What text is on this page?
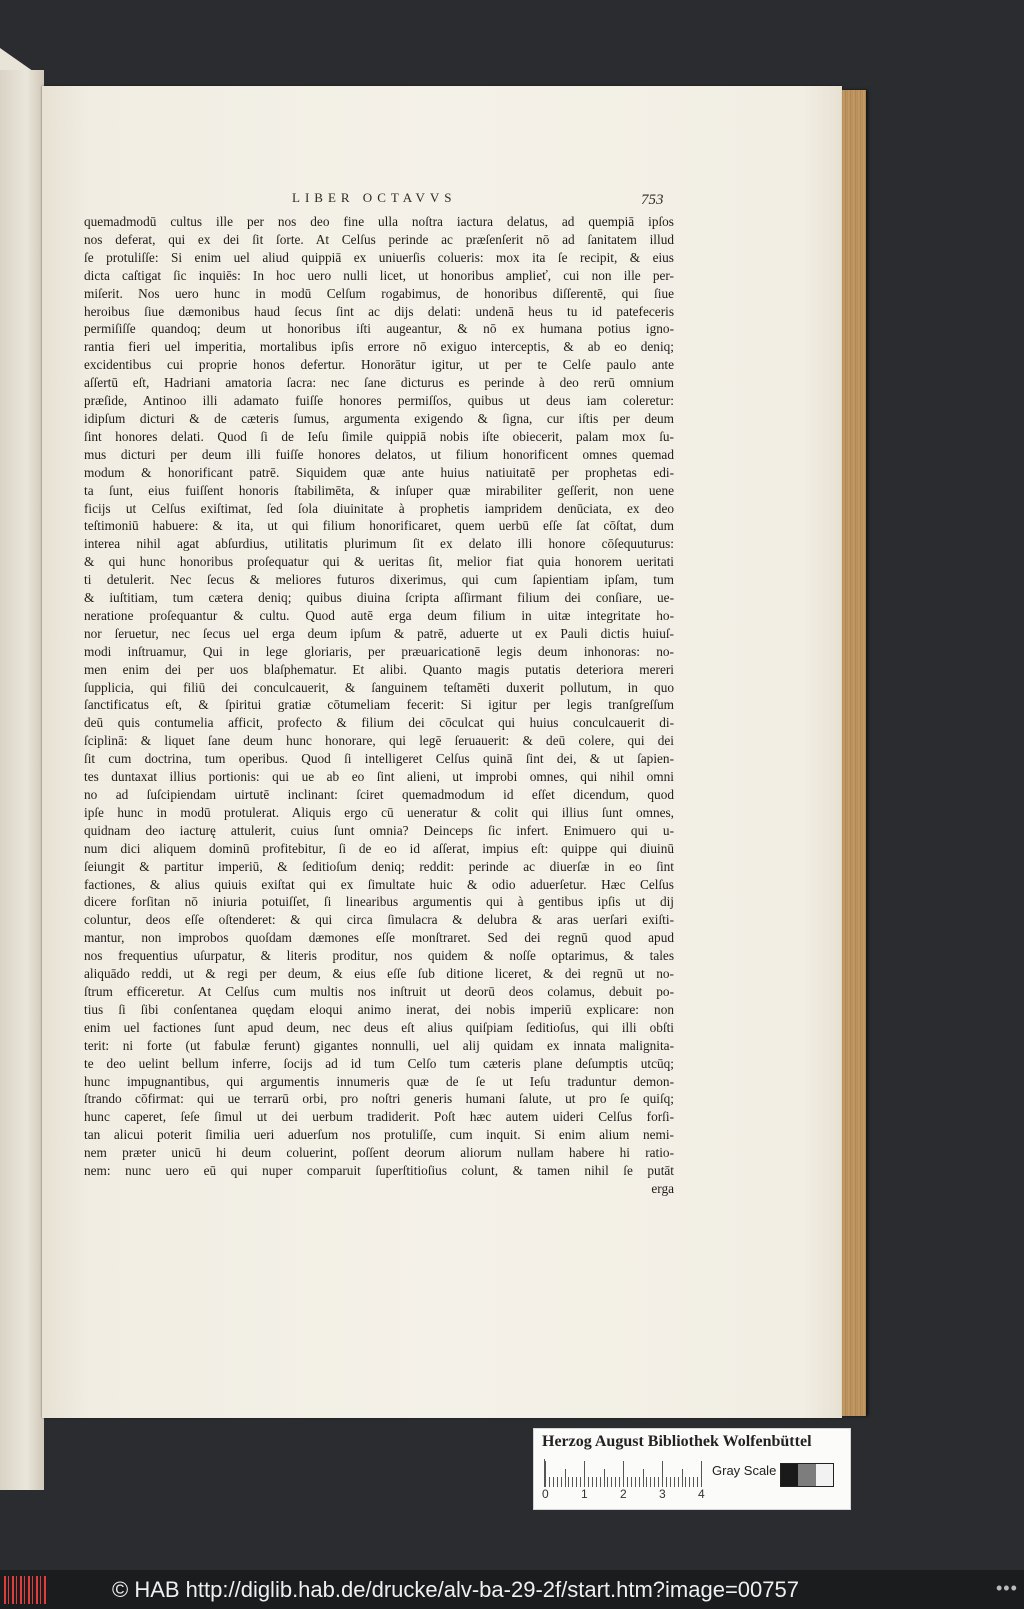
LIBER OCTAVVS	753
quemadmodū cultus ille per nos deo fine ulla noſtra iactura delatus, ad quempiā ipſos
nos deferat, qui ex dei ſit ſorte. At Celſus perinde ac præſenſerit nō ad ſanitatem illud
ſe protuliſſe: Si enim uel aliud quippiā ex uniuerſis colueris: mox ita ſe recipit, & eius
dicta caſtigat ſic inquiēs: In hoc uero nulli licet, ut honoribus amplieť, cui non ille per-
miſerit. Nos uero hunc in modū Celſum rogabimus, de honoribus diſſerentē, qui ſiue
heroibus ſiue dæmonibus haud ſecus ſint ac dijs delati: undenā heus tu id patefeceris
permiſiſſe quandoq; deum ut honoribus iſti augeantur, & nō ex humana potius igno-
rantia fieri uel imperitia, mortalibus ipſis errore nō exiguo interceptis, & ab eo deniq;
excidentibus cui proprie honos defertur. Honorātur igitur, ut per te Celſe paulo ante
aſſertū eſt, Hadriani amatoria ſacra: nec ſane dicturus es perinde à deo rerū omnium
præſide, Antinoo illi adamato fuiſſe honores permiſſos, quibus ut deus iam coleretur:
idipſum dicturi & de cæteris ſumus, argumenta exigendo & ſigna, cur iſtis per deum
ſint honores delati. Quod ſi de Ieſu ſimile quippiā nobis iſte obiecerit, palam mox ſu-
mus dicturi per deum illi fuiſſe honores delatos, ut filium honorificent omnes quemad
modum & honorificant patrē. Siquidem quæ ante huius natiuitatē per prophetas edi-
ta ſunt, eius fuiſſent honoris ſtabilimēta, & inſuper quæ mirabiliter geſſerit, non uene
ficijs ut Celſus exiſtimat, ſed ſola diuinitate à prophetis iampridem denūciata, ex deo
teſtimoniū habuere: & ita, ut qui filium honorificaret, quem uerbū eſſe ſat cōſtat, dum
interea nihil agat abſurdius, utilitatis plurimum ſit ex delato illi honore cōſequuturus:
& qui hunc honoribus proſequatur qui & ueritas ſit, melior fiat quia honorem ueritati
ti detulerit. Nec ſecus & meliores futuros dixerimus, qui cum ſapientiam ipſam, tum
& iuſtitiam, tum cætera deniq; quibus diuina ſcripta aſſirmant filium dei conſiare, ue-
neratione proſequantur & cultu. Quod autē erga deum filium in uitæ integritate ho-
nor ſeruetur, nec ſecus uel erga deum ipſum & patrē, aduerte ut ex Pauli dictis huiuſ-
modi inſtruamur, Qui in lege gloriaris, per præuaricationē legis deum inhonoras: no-
men enim dei per uos blaſphematur. Et alibi. Quanto magis putatis deteriora mereri
ſupplicia, qui filiū dei conculcauerit, & ſanguinem teſtamēti duxerit pollutum, in quo
ſanctificatus eſt, & ſpiritui gratiæ cōtumeliam fecerit: Si igitur per legis tranſgreſſum
deū quis contumelia afficit, profecto & filium dei cōculcat qui huius conculcauerit di-
ſciplinā: & liquet ſane deum hunc honorare, qui legē ſeruauerit: & deū colere, qui dei
ſit cum doctrina, tum operibus. Quod ſi intelligeret Celſus quinā ſint dei, & ut ſapien-
tes duntaxat illius portionis: qui ue ab eo ſint alieni, ut improbi omnes, qui nihil omni
no ad ſuſcipiendam uirtutē inclinant: ſciret quemadmodum id eſſet dicendum, quod
ipſe hunc in modū protulerat. Aliquis ergo cū ueneratur & colit qui illius ſunt omnes,
quidnam deo iacturę attulerit, cuius ſunt omnia? Deinceps ſic infert. Enimuero qui u-
num dici aliquem dominū profitebitur, ſi de eo id aſſerat, impius eſt: quippe qui diuinū
ſeiungit & partitur imperiū, & ſeditioſum deniq; reddit: perinde ac diuerſæ in eo ſint
factiones, & alius quiuis exiſtat qui ex ſimultate huic & odio aduerſetur. Hæc Celſus
dicere forſitan nō iniuria potuiſſet, ſi linearibus argumentis qui à gentibus ipſis ut dij
coluntur, deos eſſe oſtenderet: & qui circa ſimulacra & delubra & aras uerſari exiſti-
mantur, non improbos quoſdam dæmones eſſe monſtraret. Sed dei regnū quod apud
nos frequentius uſurpatur, & literis proditur, nos quidem & noſſe optarimus, & tales
aliquādo reddi, ut & regi per deum, & eius eſſe ſub ditione liceret, & dei regnū ut no-
ſtrum efficeretur. At Celſus cum multis nos inſtruit ut deorū deos colamus, debuit po-
tius ſi ſibi conſentanea quędam eloqui animo inerat, dei nobis imperiū explicare: non
enim uel factiones ſunt apud deum, nec deus eſt alius quiſpiam ſeditioſus, qui illi obſti
terit: ni forte (ut fabulæ ferunt) gigantes nonnulli, uel alij quidam ex innata malignita-
te deo uelint bellum inferre, ſocijs ad id tum Celſo tum cæteris plane deſumptis utcūq;
hunc impugnantibus, qui argumentis innumeris quæ de ſe ut Ieſu traduntur demon-
ſtrando cōfirmat: qui ue terrarū orbi, pro noſtri generis humani ſalute, ut pro ſe quiſq;
hunc caperet, ſeſe ſimul ut dei uerbum tradiderit. Poſt hæc autem uideri Celſus forſi-
tan alicui poterit ſimilia ueri aduerſum nos protuliſſe, cum inquit. Si enim alium nemi-
nem præter unicū hi deum coluerint, poſſent deorum aliorum nullam habere hi ratio-
nem: nunc uero eū qui nuper comparuit ſuperſtitioſius colunt, & tamen nihil ſe putāt
erga
Herzog August Bibliothek Wolfenbüttel
0	1	2	3	4
Gray Scale
© HAB http://diglib.hab.de/drucke/alv-ba-29-2f/start.htm?image=00757	•••
